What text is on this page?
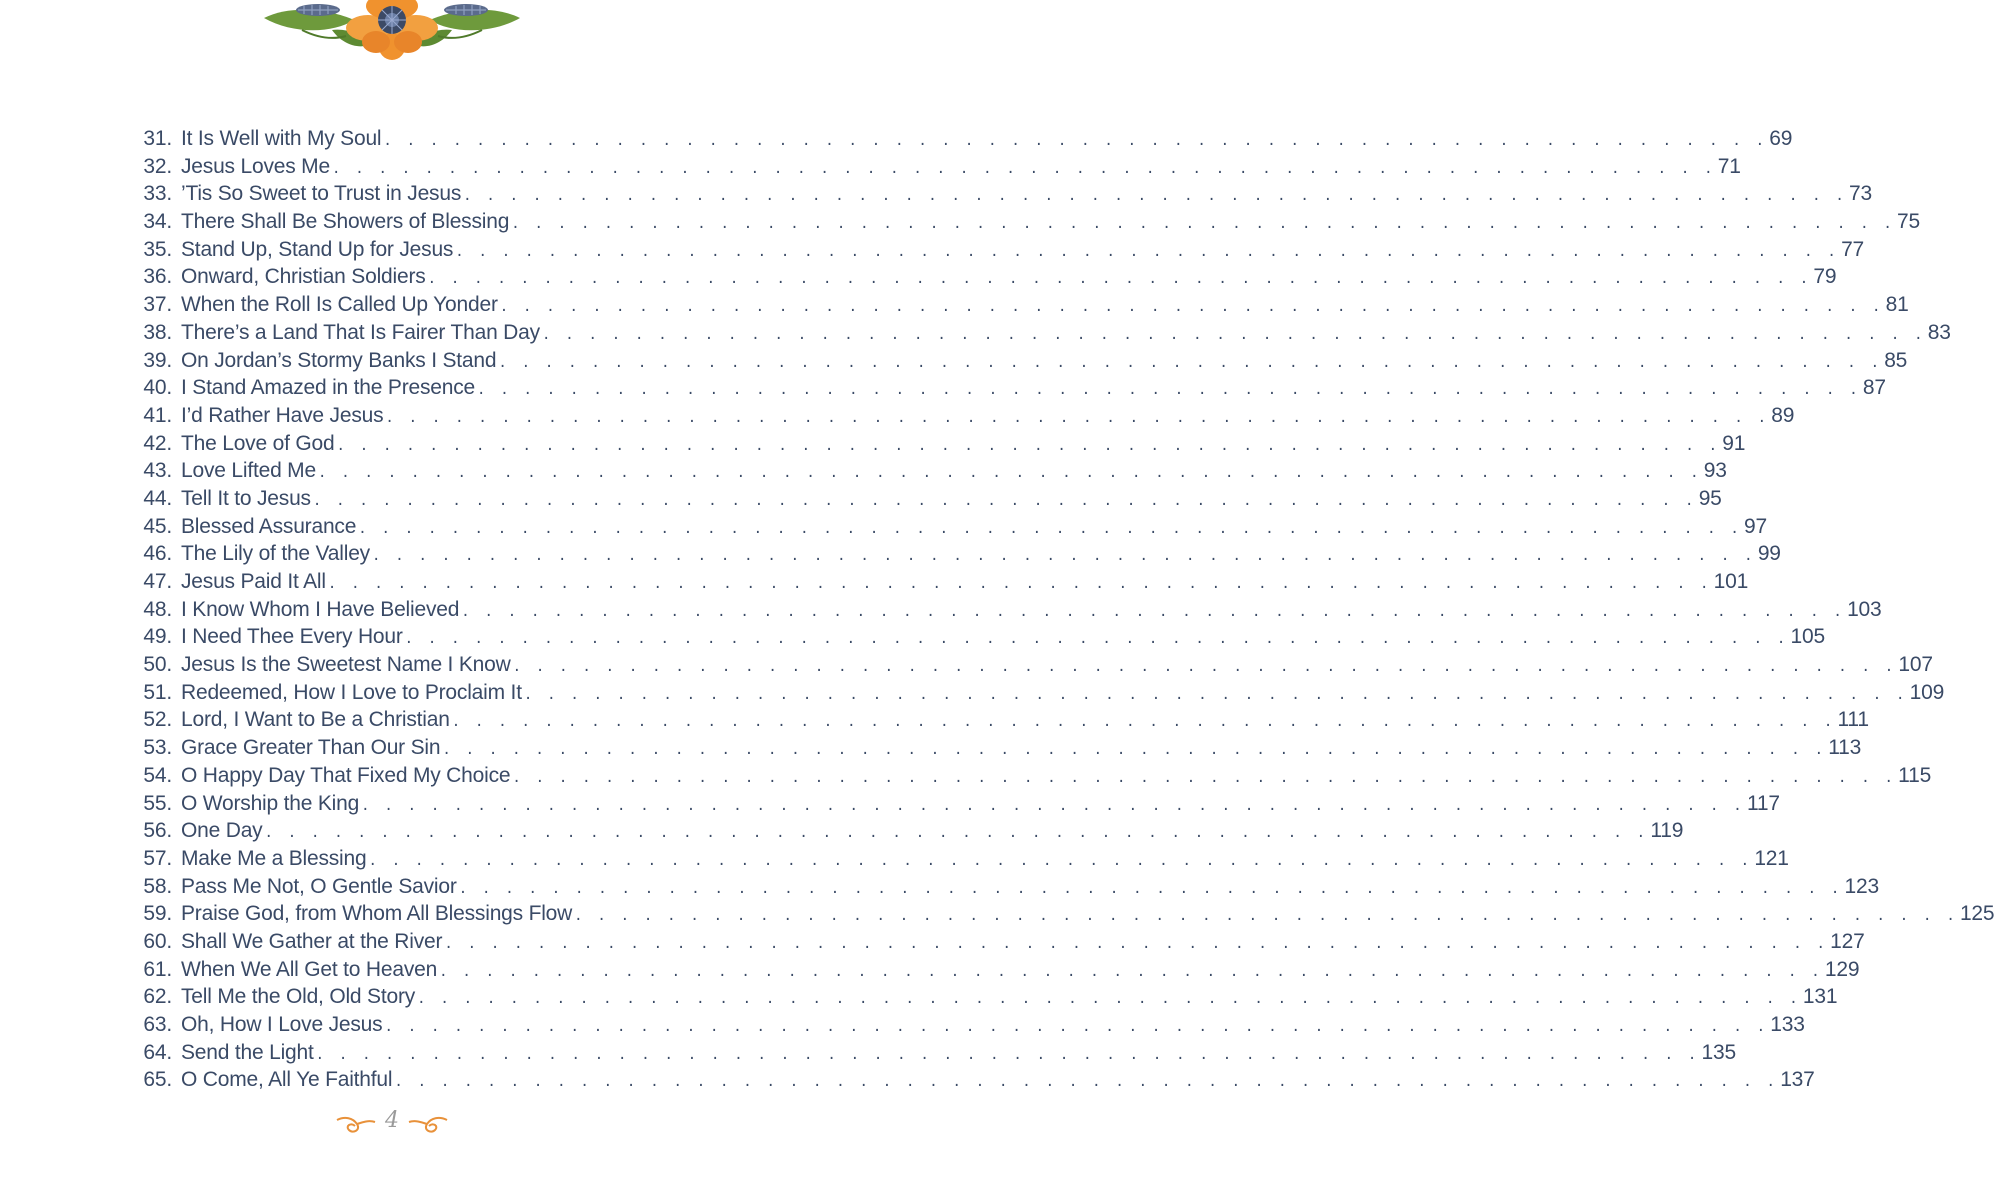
31. It Is Well with My Soul . . . . . . . . . . . . . . . . . . . . . . . . . . . . . . . . . . . . . . . . . . . . . . . . . . . . . . . . . . . . 69
32. Jesus Loves Me . . . . . . . . . . . . . . . . . . . . . . . . . . . . . . . . . . . . . . . . . . . . . . . . . . . . . . . . . . . . 71
33. ’Tis So Sweet to Trust in Jesus . . . . . . . . . . . . . . . . . . . . . . . . . . . . . . . . . . . . . . . . . . . . . . . . . . . . . . . . . . . . 73
34. There Shall Be Showers of Blessing . . . . . . . . . . . . . . . . . . . . . . . . . . . . . . . . . . . . . . . . . . . . . . . . . . . . . . . . . . . . 75
35. Stand Up, Stand Up for Jesus . . . . . . . . . . . . . . . . . . . . . . . . . . . . . . . . . . . . . . . . . . . . . . . . . . . . . . . . . . . . 77
36. Onward, Christian Soldiers . . . . . . . . . . . . . . . . . . . . . . . . . . . . . . . . . . . . . . . . . . . . . . . . . . . . . . . . . . . . 79
37. When the Roll Is Called Up Yonder . . . . . . . . . . . . . . . . . . . . . . . . . . . . . . . . . . . . . . . . . . . . . . . . . . . . . . . . . . . . 81
38. There’s a Land That Is Fairer Than Day . . . . . . . . . . . . . . . . . . . . . . . . . . . . . . . . . . . . . . . . . . . . . . . . . . . . . . . . . . . . 83
39. On Jordan’s Stormy Banks I Stand . . . . . . . . . . . . . . . . . . . . . . . . . . . . . . . . . . . . . . . . . . . . . . . . . . . . . . . . . . . . 85
40. I Stand Amazed in the Presence . . . . . . . . . . . . . . . . . . . . . . . . . . . . . . . . . . . . . . . . . . . . . . . . . . . . . . . . . . . . 87
41. I’d Rather Have Jesus . . . . . . . . . . . . . . . . . . . . . . . . . . . . . . . . . . . . . . . . . . . . . . . . . . . . . . . . . . . . 89
42. The Love of God . . . . . . . . . . . . . . . . . . . . . . . . . . . . . . . . . . . . . . . . . . . . . . . . . . . . . . . . . . . . 91
43. Love Lifted Me . . . . . . . . . . . . . . . . . . . . . . . . . . . . . . . . . . . . . . . . . . . . . . . . . . . . . . . . . . . . 93
44. Tell It to Jesus . . . . . . . . . . . . . . . . . . . . . . . . . . . . . . . . . . . . . . . . . . . . . . . . . . . . . . . . . . . . 95
45. Blessed Assurance . . . . . . . . . . . . . . . . . . . . . . . . . . . . . . . . . . . . . . . . . . . . . . . . . . . . . . . . . . . . 97
46. The Lily of the Valley . . . . . . . . . . . . . . . . . . . . . . . . . . . . . . . . . . . . . . . . . . . . . . . . . . . . . . . . . . . . 99
47. Jesus Paid It All . . . . . . . . . . . . . . . . . . . . . . . . . . . . . . . . . . . . . . . . . . . . . . . . . . . . . . . . . . . . 101
48. I Know Whom I Have Believed . . . . . . . . . . . . . . . . . . . . . . . . . . . . . . . . . . . . . . . . . . . . . . . . . . . . . . . . . . . . 103
49. I Need Thee Every Hour . . . . . . . . . . . . . . . . . . . . . . . . . . . . . . . . . . . . . . . . . . . . . . . . . . . . . . . . . . . . 105
50. Jesus Is the Sweetest Name I Know . . . . . . . . . . . . . . . . . . . . . . . . . . . . . . . . . . . . . . . . . . . . . . . . . . . . . . . . . . . . 107
51. Redeemed, How I Love to Proclaim It . . . . . . . . . . . . . . . . . . . . . . . . . . . . . . . . . . . . . . . . . . . . . . . . . . . . . . . . . . . . 109
52. Lord, I Want to Be a Christian . . . . . . . . . . . . . . . . . . . . . . . . . . . . . . . . . . . . . . . . . . . . . . . . . . . . . . . . . . . . 111
53. Grace Greater Than Our Sin . . . . . . . . . . . . . . . . . . . . . . . . . . . . . . . . . . . . . . . . . . . . . . . . . . . . . . . . . . . . 113
54. O Happy Day That Fixed My Choice . . . . . . . . . . . . . . . . . . . . . . . . . . . . . . . . . . . . . . . . . . . . . . . . . . . . . . . . . . . . 115
55. O Worship the King . . . . . . . . . . . . . . . . . . . . . . . . . . . . . . . . . . . . . . . . . . . . . . . . . . . . . . . . . . . . 117
56. One Day . . . . . . . . . . . . . . . . . . . . . . . . . . . . . . . . . . . . . . . . . . . . . . . . . . . . . . . . . . . . 119
57. Make Me a Blessing . . . . . . . . . . . . . . . . . . . . . . . . . . . . . . . . . . . . . . . . . . . . . . . . . . . . . . . . . . . . 121
58. Pass Me Not, O Gentle Savior . . . . . . . . . . . . . . . . . . . . . . . . . . . . . . . . . . . . . . . . . . . . . . . . . . . . . . . . . . . . 123
59. Praise God, from Whom All Blessings Flow . . . . . . . . . . . . . . . . . . . . . . . . . . . . . . . . . . . . . . . . . . . . . . . . . . . . . . . . . . . . 125
60. Shall We Gather at the River . . . . . . . . . . . . . . . . . . . . . . . . . . . . . . . . . . . . . . . . . . . . . . . . . . . . . . . . . . . . 127
61. When We All Get to Heaven . . . . . . . . . . . . . . . . . . . . . . . . . . . . . . . . . . . . . . . . . . . . . . . . . . . . . . . . . . . . 129
62. Tell Me the Old, Old Story . . . . . . . . . . . . . . . . . . . . . . . . . . . . . . . . . . . . . . . . . . . . . . . . . . . . . . . . . . . . 131
63. Oh, How I Love Jesus . . . . . . . . . . . . . . . . . . . . . . . . . . . . . . . . . . . . . . . . . . . . . . . . . . . . . . . . . . . . 133
64. Send the Light . . . . . . . . . . . . . . . . . . . . . . . . . . . . . . . . . . . . . . . . . . . . . . . . . . . . . . . . . . . . 135
65. O Come, All Ye Faithful . . . . . . . . . . . . . . . . . . . . . . . . . . . . . . . . . . . . . . . . . . . . . . . . . . . . . . . . . . . . 137
4
